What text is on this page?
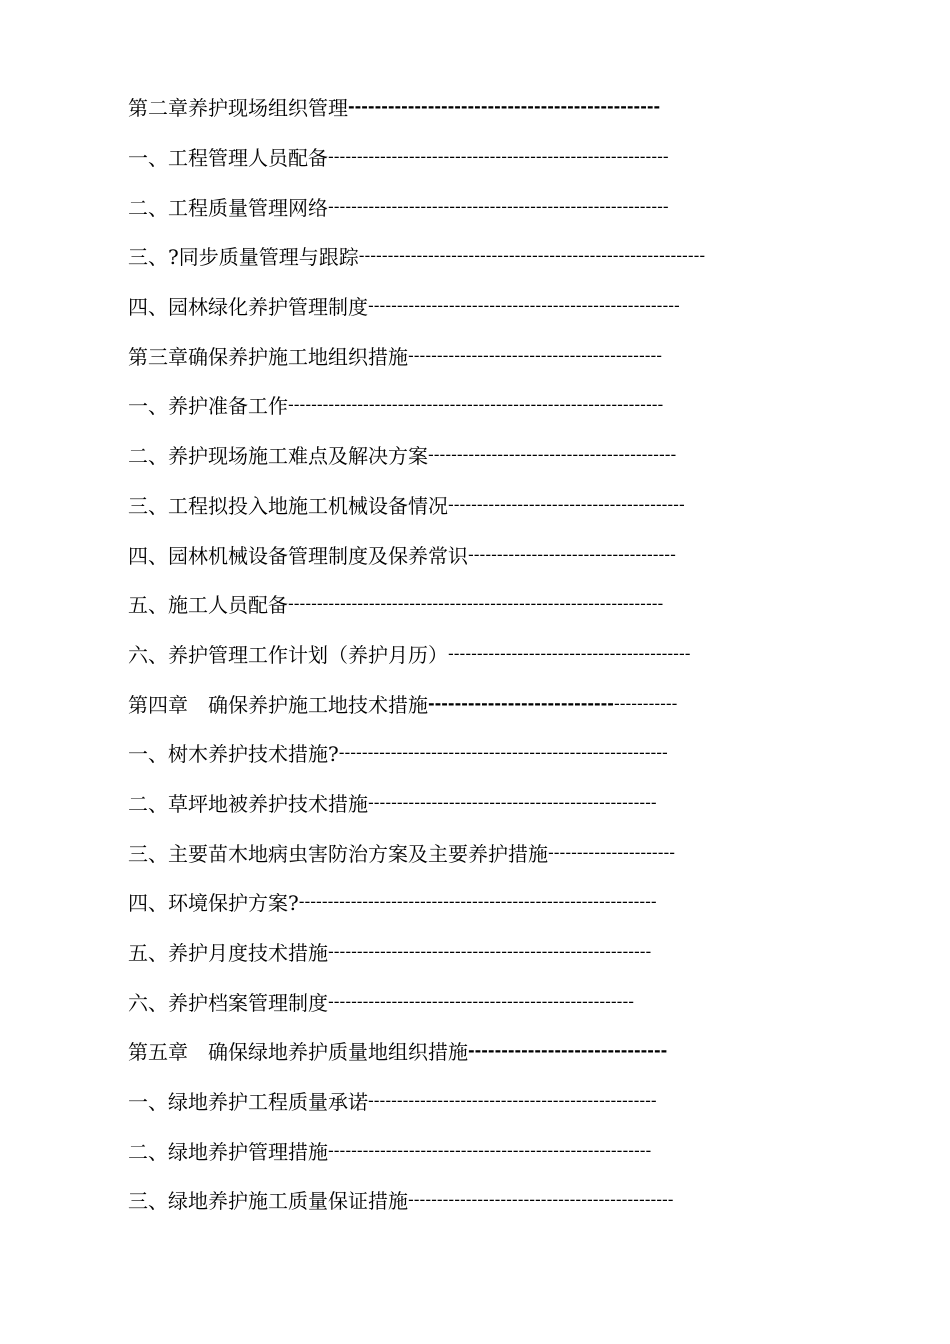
第二章养护现场组织管理 -----------------------------------------------
一、工程管理人员配备 -----------------------------------------------------------
二、工程质量管理网络 -----------------------------------------------------------
三、?同步质量管理与跟踪 ------------------------------------------------------------
四、园林绿化养护管理制度 ------------------------------------------------------
第三章确保养护施工地组织措施 --------------------------------------------
一、养护准备工作 -----------------------------------------------------------------
二、养护现场施工难点及解决方案 -------------------------------------------
三、工程拟投入地施工机械设备情况 -----------------------------------------
四、园林机械设备管理制度及保养常识 ------------------------------------
五、施工人员配备 -----------------------------------------------------------------
六、养护管理工作计划（养护月历） ------------------------------------------
第四章　确保养护施工地技术措施 ---------------------------- -----------
一、树木养护技术措施? ---------------------------------------------------------
二、草坪地被养护技术措施 --------------------------------------------------
三、主要苗木地病虫害防治方案及主要养护措施 ----------------------
四、环境保护方案? --------------------------------------------------------------
五、养护月度技术措施 --------------------------------------------------------
六、养护档案管理制度 -----------------------------------------------------
第五章　确保绿地养护质量地组织措施 ------------------------------
一、绿地养护工程质量承诺 --------------------------------------------------
二、绿地养护管理措施 --------------------------------------------------------
三、绿地养护施工质量保证措施 ----------------------------------------------
